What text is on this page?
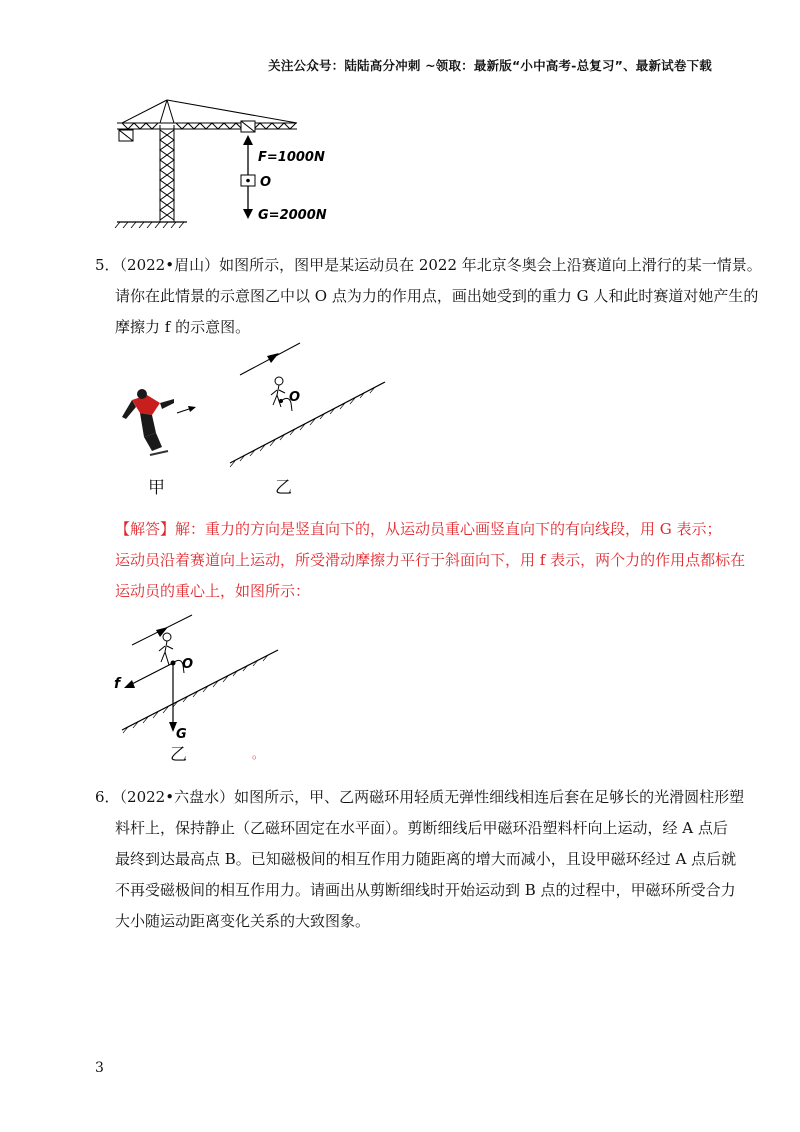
关注公众号：陆陆高分冲刺 ~领取：最新版“小中高考-总复习”、最新试卷下载
F=1000N
O
G=2000N

5．（2022•眉山）如图所示，图甲是某运动员在 2022 年北京冬奥会上沿赛道向上滑行的某一情景。

请你在此情景的示意图乙中以 O 点为力的作用点，画出她受到的重力 G 人和此时赛道对她产生的

摩擦力 f 的示意图。

甲
O
乙

【解答】解：重力的方向是竖直向下的，从运动员重心画竖直向下的有向线段，用 G 表示；

运动员沿着赛道向上运动，所受滑动摩擦力平行于斜面向下，用 f 表示，两个力的作用点都标在

运动员的重心上，如图所示：

f
O
G
乙	。

6．（2022•六盘水）如图所示，甲、乙两磁环用轻质无弹性细线相连后套在足够长的光滑圆柱形塑

料杆上，保持静止（乙磁环固定在水平面）。剪断细线后甲磁环沿塑料杆向上运动，经 A 点后

最终到达最高点 B。已知磁极间的相互作用力随距离的增大而减小，且设甲磁环经过 A 点后就

不再受磁极间的相互作用力。请画出从剪断细线时开始运动到 B 点的过程中，甲磁环所受合力

大小随运动距离变化关系的大致图象。

3
